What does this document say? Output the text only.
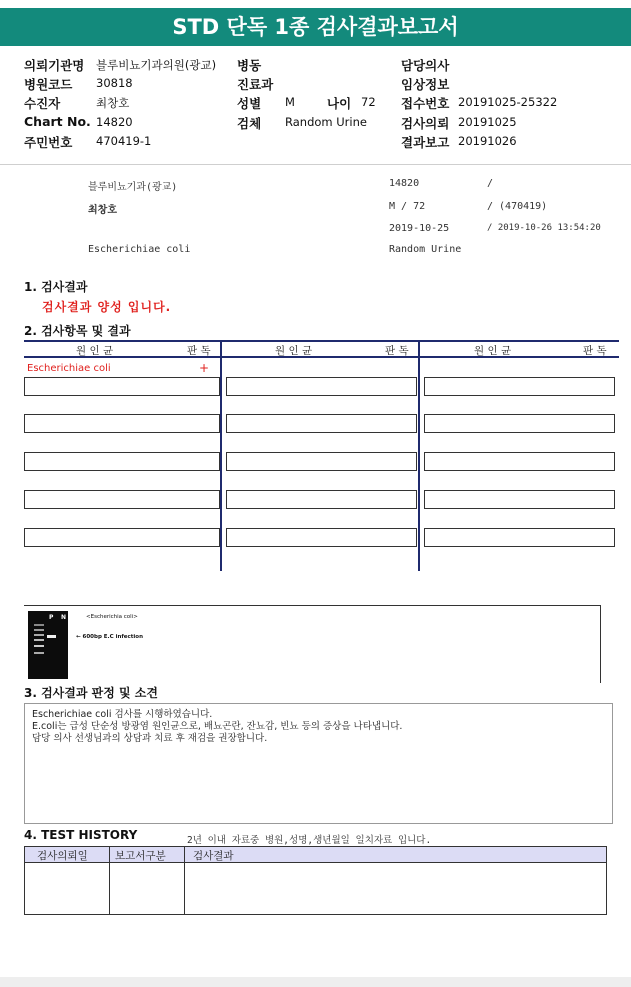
STD 단독 1종 검사결과보고서
의뢰기관명 블루비뇨기과의원(광교)
병원코드 30818
수진자	최창호
Chart No. 14820
주민번호 470419-1
병동
진료과
성별 M	나이 72
검체 Random Urine
담당의사
임상정보
접수번호 20191025-25322
검사의뢰 20191025
결과보고 20191026
블루비뇨기과(광교)
최창호
Escherichiae coli
14820	/
M / 72	/ (470419)
2019-10-25	/ 2019-10-26 13:54:20
Random Urine
1. 검사결과
검사결과 양성 입니다.
2. 검사항목 및 결과
원 인 균	판 독	원 인 균	판 독	원 인 균	판 독
Escherichiae coli	+
P N	<Escherichia coli>
← 600bp E.C infection
3. 검사결과 판정 및 소견
Escherichiae coli 검사를 시행하였습니다.
E.coli는 급성 단순성 방광염 원인균으로, 배뇨곤란, 잔뇨감, 빈뇨 등의 증상을 나타냅니다.
담당 의사 선생님과의 상담과 치료 후 재검을 권장합니다.
4. TEST HISTORY	2년 이내 자료중 병원,성명,생년월일 일치자료 입니다.
검사의뢰일	보고서구분	검사결과
